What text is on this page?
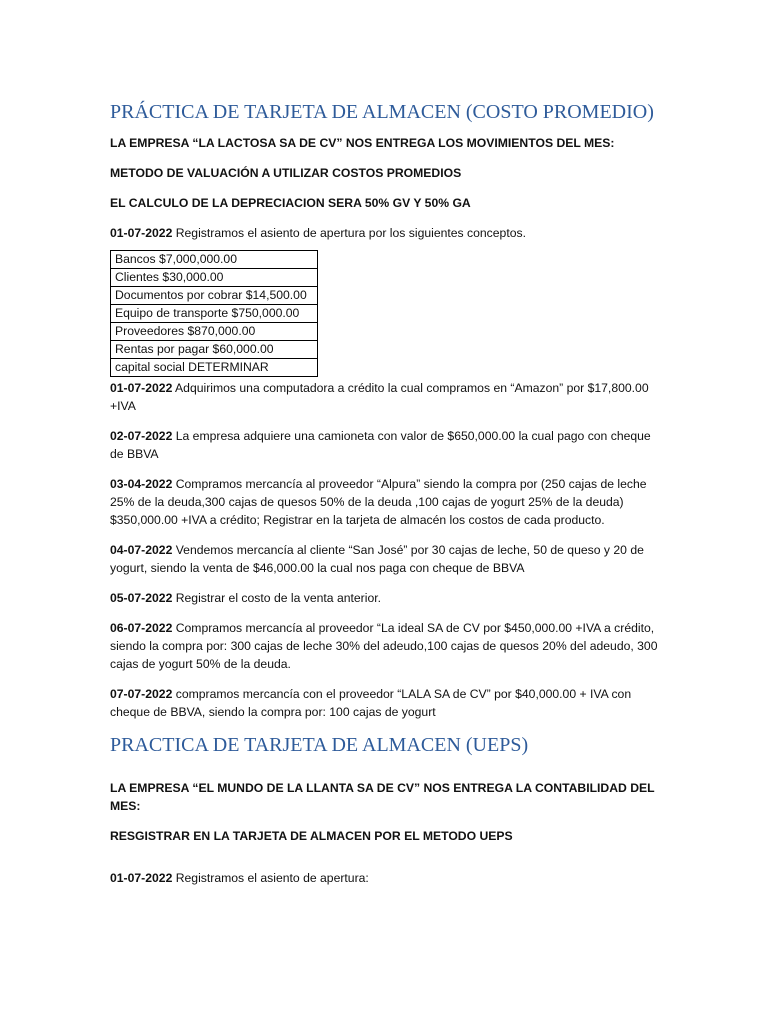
PRÁCTICA DE TARJETA DE ALMACEN (COSTO PROMEDIO)

LA EMPRESA “LA LACTOSA SA DE CV” NOS ENTREGA LOS MOVIMIENTOS DEL MES:

METODO DE VALUACIÓN A UTILIZAR COSTOS PROMEDIOS

EL CALCULO DE LA DEPRECIACION SERA 50% GV Y 50% GA

01-07-2022 Registramos el asiento de apertura por los siguientes conceptos.

Bancos $7,000,000.00
Clientes $30,000.00
Documentos por cobrar $14,500.00
Equipo de transporte $750,000.00
Proveedores $870,000.00
Rentas por pagar $60,000.00
capital social DETERMINAR

01-07-2022 Adquirimos una computadora a crédito la cual compramos en “Amazon” por $17,800.00 +IVA

02-07-2022 La empresa adquiere una camioneta con valor de $650,000.00 la cual pago con cheque de BBVA

03-04-2022 Compramos mercancía al proveedor “Alpura” siendo la compra por (250 cajas de leche 25% de la deuda,300 cajas de quesos 50% de la deuda ,100 cajas de yogurt 25% de la deuda) $350,000.00 +IVA a crédito; Registrar en la tarjeta de almacén los costos de cada producto.

04-07-2022 Vendemos mercancía al cliente “San José” por 30 cajas de leche, 50 de queso y 20 de yogurt, siendo la venta de $46,000.00 la cual nos paga con cheque de BBVA

05-07-2022 Registrar el costo de la venta anterior.

06-07-2022 Compramos mercancía al proveedor “La ideal SA de CV por $450,000.00 +IVA a crédito, siendo la compra por: 300 cajas de leche 30% del adeudo,100 cajas de quesos 20% del adeudo, 300 cajas de yogurt 50% de la deuda.

07-07-2022 compramos mercancía con el proveedor “LALA SA de CV” por $40,000.00 + IVA con cheque de BBVA, siendo la compra por: 100 cajas de yogurt

PRACTICA DE TARJETA DE ALMACEN (UEPS)

LA EMPRESA “EL MUNDO DE LA LLANTA SA DE CV” NOS ENTREGA LA CONTABILIDAD DEL MES:

RESGISTRAR EN LA TARJETA DE ALMACEN POR EL METODO UEPS

01-07-2022 Registramos el asiento de apertura:
